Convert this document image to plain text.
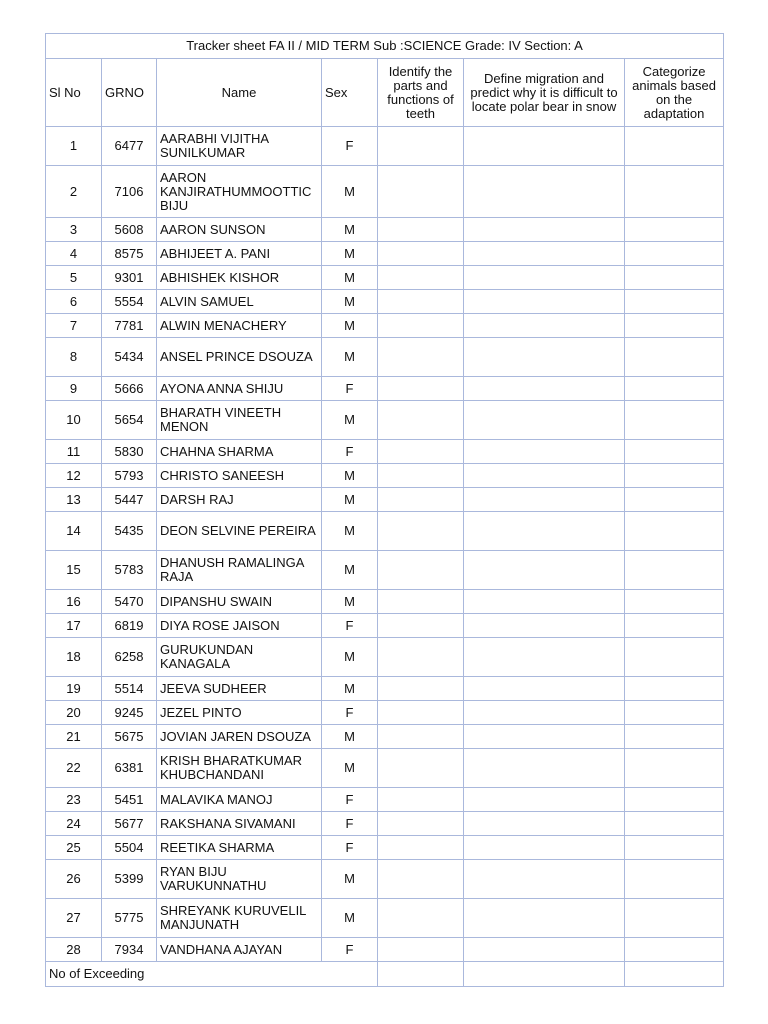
Tracker sheet FA II / MID TERM Sub :SCIENCE Grade: IV Section: A						
Sl No	GRNO	Name	Sex	Identify the parts and functions of teeth	Define migration and predict why it is difficult to locate polar bear in snow	Categorize animals based on the adaptation
1	6477	AARABHI VIJITHA SUNILKUMAR	F			
2	7106	AARON KANJIRATHUMMOOTTIC BIJU	M			
3	5608	AARON SUNSON	M			
4	8575	ABHIJEET A. PANI	M			
5	9301	ABHISHEK KISHOR	M			
6	5554	ALVIN SAMUEL	M			
7	7781	ALWIN MENACHERY	M			
8	5434	ANSEL PRINCE DSOUZA	M			
9	5666	AYONA ANNA SHIJU	F			
10	5654	BHARATH VINEETH MENON	M			
11	5830	CHAHNA SHARMA	F			
12	5793	CHRISTO SANEESH	M			
13	5447	DARSH RAJ	M			
14	5435	DEON SELVINE PEREIRA	M			
15	5783	DHANUSH RAMALINGA RAJA	M			
16	5470	DIPANSHU SWAIN	M			
17	6819	DIYA ROSE JAISON	F			
18	6258	GURUKUNDAN KANAGALA	M			
19	5514	JEEVA SUDHEER	M			
20	9245	JEZEL PINTO	F			
21	5675	JOVIAN JAREN DSOUZA	M			
22	6381	KRISH BHARATKUMAR KHUBCHANDANI	M			
23	5451	MALAVIKA MANOJ	F			
24	5677	RAKSHANA SIVAMANI	F			
25	5504	REETIKA SHARMA	F			
26	5399	RYAN BIJU VARUKUNNATHU	M			
27	5775	SHREYANK KURUVELIL MANJUNATH	M			
28	7934	VANDHANA AJAYAN	F			
No of Exceeding						
